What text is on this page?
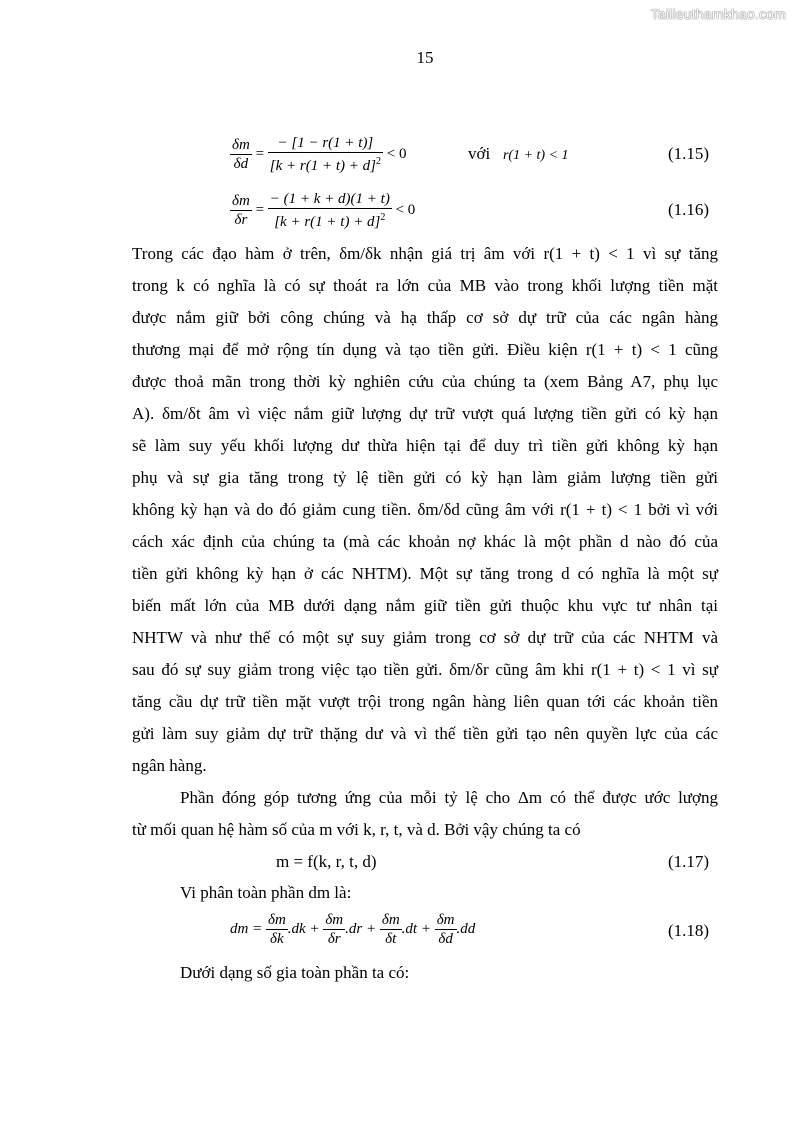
Tailieuthamkhao.com
15
$\frac{\delta m}{\delta d} = \frac{- [1 - r(1 + t)]}{[k + r(1 + t) + d]^2} < 0$	với r(1 + t) < 1	(1.15)
$\frac{\delta m}{\delta r} = \frac{- (1 + k + d)(1 + t)}{[k + r(1 + t) + d]^2} < 0$	(1.16)
Trong các đạo hàm ở trên, δm/δk nhận giá trị âm với r(1 + t) < 1 vì sự tăng
trong k có nghĩa là có sự thoát ra lớn của MB vào trong khối lượng tiền mặt
được nắm giữ bởi công chúng và hạ thấp cơ sở dự trữ của các ngân hàng
thương mại để mở rộng tín dụng và tạo tiền gửi. Điều kiện r(1 + t) < 1 cũng
được thoả mãn trong thời kỳ nghiên cứu của chúng ta (xem Bảng A7, phụ lục
A). δm/δt âm vì việc nắm giữ lượng dự trữ vượt quá lượng tiền gửi có kỳ hạn
sẽ làm suy yếu khối lượng dư thừa hiện tại để duy trì tiền gửi không kỳ hạn
phụ và sự gia tăng trong tỷ lệ tiền gửi có kỳ hạn làm giảm lượng tiền gửi
không kỳ hạn và do đó giảm cung tiền. δm/δd cũng âm với r(1 + t) < 1 bởi vì với
cách xác định của chúng ta (mà các khoản nợ khác là một phần d nào đó của
tiền gửi không kỳ hạn ở các NHTM). Một sự tăng trong d có nghĩa là một sự
biến mất lớn của MB dưới dạng nắm giữ tiền gửi thuộc khu vực tư nhân tại
NHTW và như thế có một sự suy giảm trong cơ sở dự trữ của các NHTM và
sau đó sự suy giảm trong việc tạo tiền gửi. δm/δr cũng âm khi r(1 + t) < 1 vì sự
tăng cầu dự trữ tiền mặt vượt trội trong ngân hàng liên quan tới các khoản tiền
gửi làm suy giảm dự trữ thặng dư và vì thế tiền gửi tạo nên quyền lực của các
ngân hàng.
Phần đóng góp tương ứng của mỗi tỷ lệ cho Δm có thể được ước lượng
từ mối quan hệ hàm số của m với k, r, t, và d. Bởi vậy chúng ta có
m = f(k, r, t, d)	(1.17)
Vi phân toàn phần dm là:
dm = $\frac{\delta m}{\delta k} .dk + \frac{\delta m}{\delta r} .dr + \frac{\delta m}{\delta t} .dt + \frac{\delta m}{\delta d} .dd$	(1.18)
Dưới dạng số gia toàn phần ta có:
